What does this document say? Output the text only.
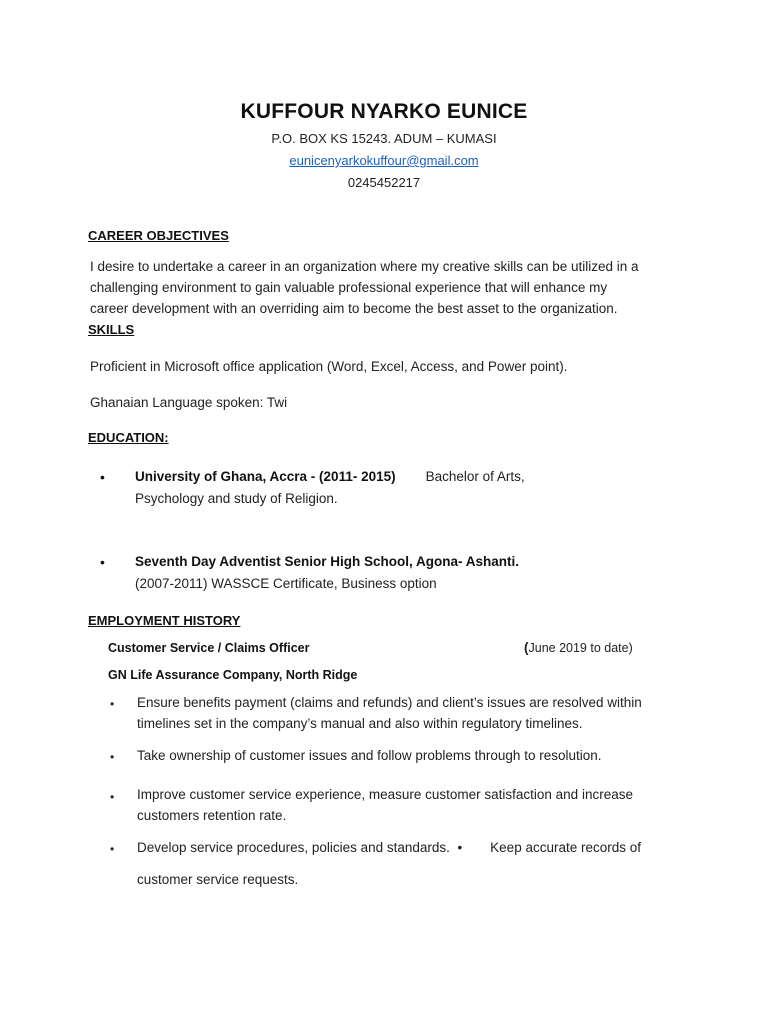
KUFFOUR NYARKO EUNICE
P.O. BOX KS 15243. ADUM – KUMASI
eunicenyarkokuffour@gmail.com
0245452217
CAREER OBJECTIVES
I desire to undertake a career in an organization where my creative skills can be utilized in a
challenging environment to gain valuable professional experience that will enhance my
career development with an overriding aim to become the best asset to the organization.
SKILLS
Proficient in Microsoft office application (Word, Excel, Access, and Power point).
Ghanaian Language spoken: Twi
EDUCATION:
• University of Ghana, Accra - (2011- 2015) Bachelor of Arts,
Psychology and study of Religion.
• Seventh Day Adventist Senior High School, Agona- Ashanti.
(2007-2011) WASSCE Certificate, Business option
EMPLOYMENT HISTORY
Customer Service / Claims Officer	(June 2019 to date)
GN Life Assurance Company, North Ridge
• Ensure benefits payment (claims and refunds) and client’s issues are resolved within
timelines set in the company’s manual and also within regulatory timelines.
• Take ownership of customer issues and follow problems through to resolution.
• Improve customer service experience, measure customer satisfaction and increase
customers retention rate.
• Develop service procedures, policies and standards. • Keep accurate records of
customer service requests.
